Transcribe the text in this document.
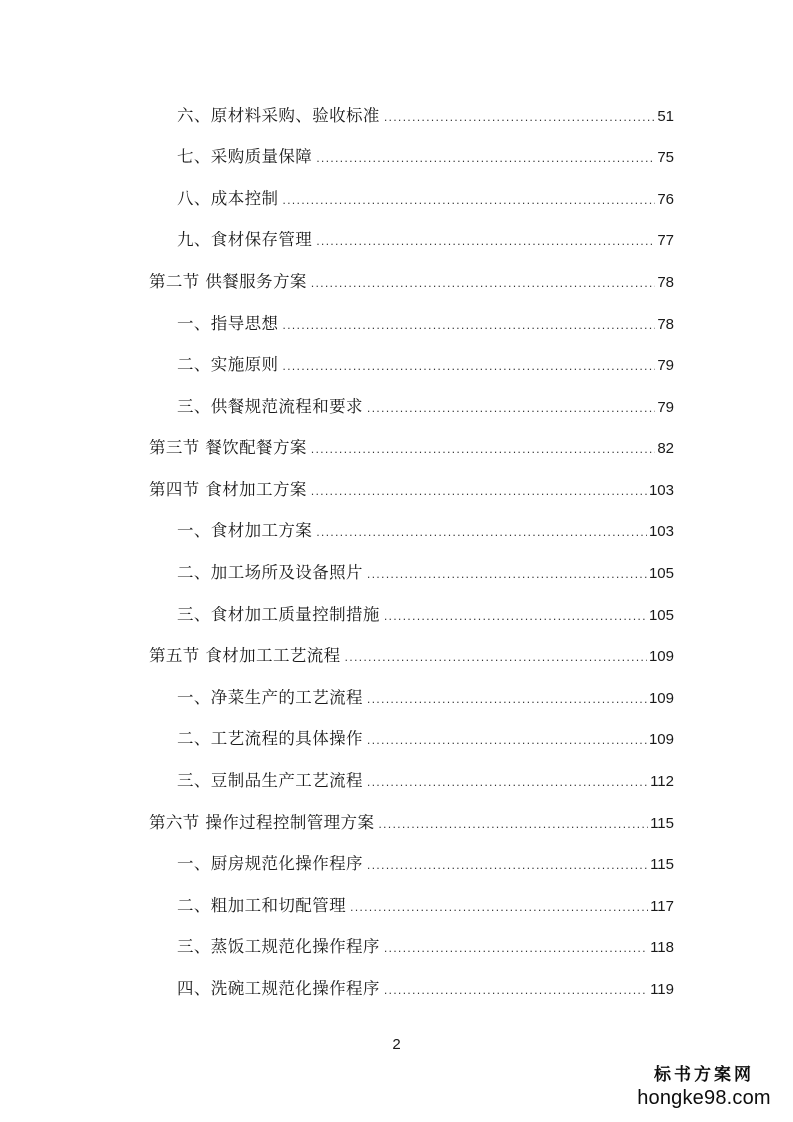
六、原材料采购、验收标准 .....	51
七、采购质量保障 .....	75
八、成本控制 .....	76
九、食材保存管理 .....	77
第二节 供餐服务方案 .....	78
一、指导思想 .....	78
二、实施原则 .....	79
三、供餐规范流程和要求 .....	79
第三节 餐饮配餐方案 .....	82
第四节 食材加工方案 .....	103
一、食材加工方案 .....	103
二、加工场所及设备照片 .....	105
三、食材加工质量控制措施 .....	105
第五节 食材加工工艺流程 .....	109
一、净菜生产的工艺流程 .....	109
二、工艺流程的具体操作 .....	109
三、豆制品生产工艺流程 .....	112
第六节 操作过程控制管理方案 .....	115
一、厨房规范化操作程序 .....	115
二、粗加工和切配管理 .....	117
三、蒸饭工规范化操作程序 .....	118
四、洗碗工规范化操作程序 .....	119
2
标书方案网
hongke98.com
